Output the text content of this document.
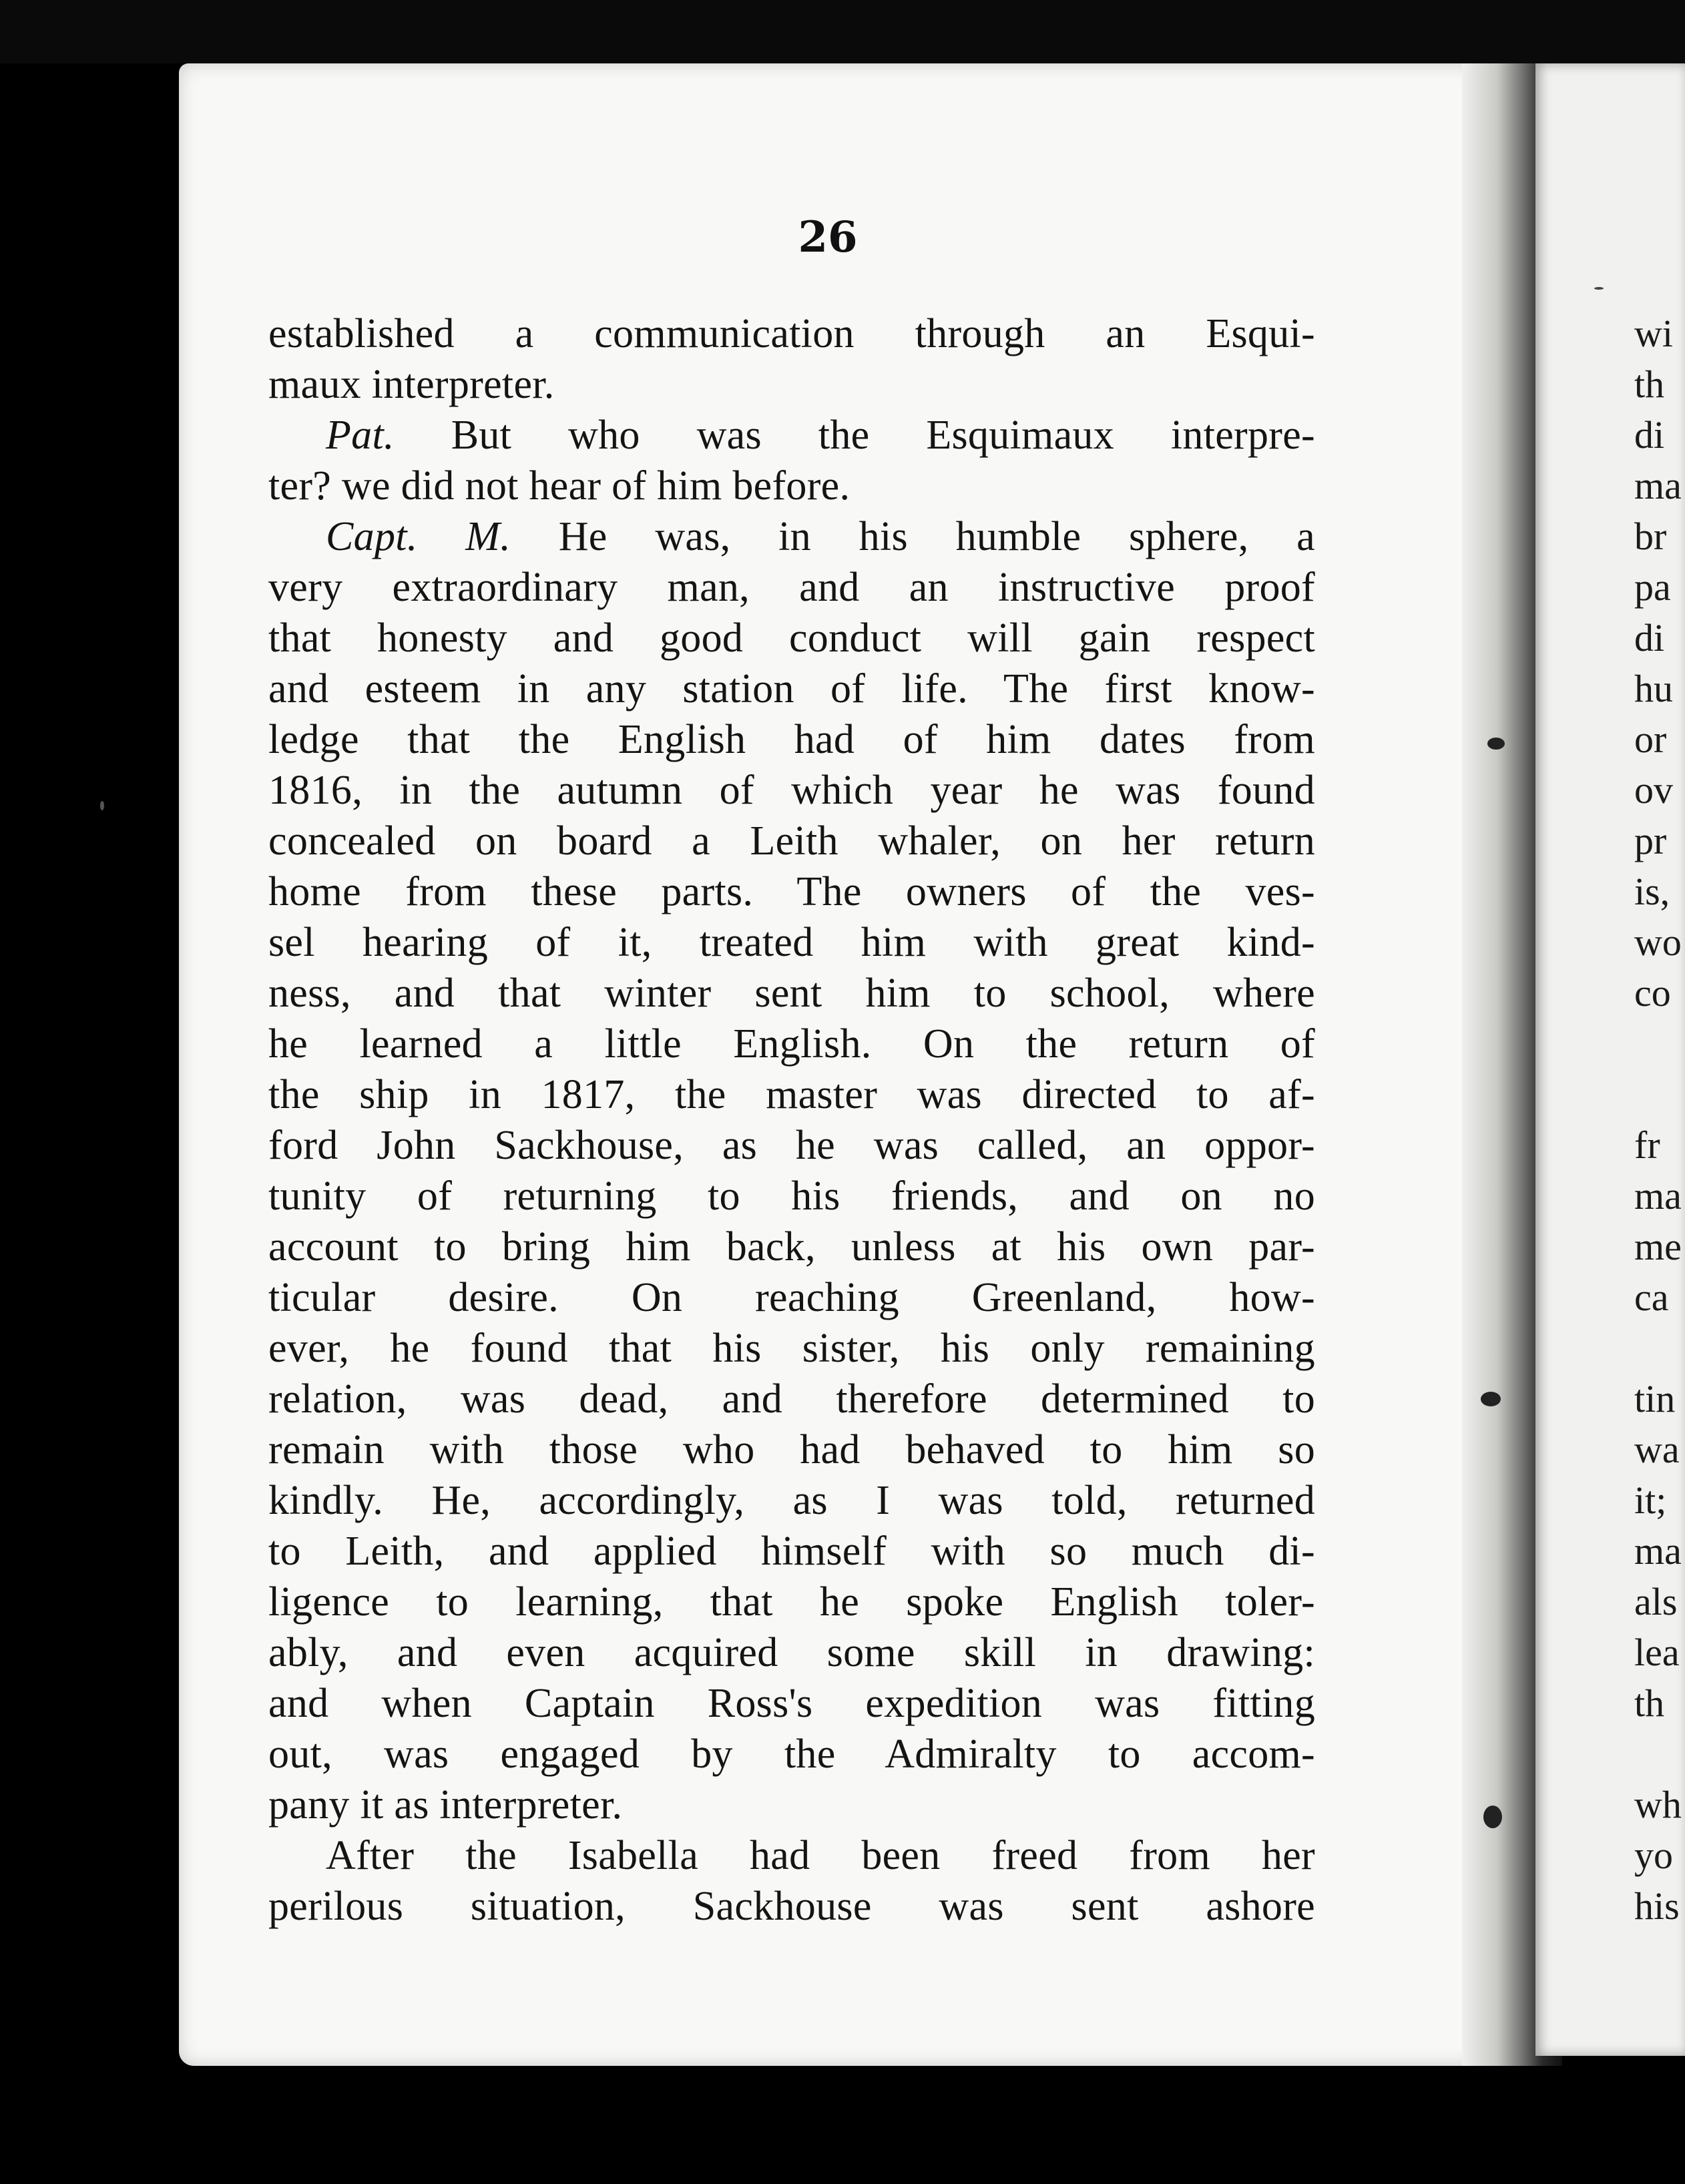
26
established a communication through an Esqui-
maux interpreter.
Pat. But who was the Esquimaux interpre-
ter? we did not hear of him before.
Capt. M. He was, in his humble sphere, a
very extraordinary man, and an instructive proof
that honesty and good conduct will gain respect
and esteem in any station of life. The first know-
ledge that the English had of him dates from
1816, in the autumn of which year he was found
concealed on board a Leith whaler, on her return
home from these parts. The owners of the ves-
sel hearing of it, treated him with great kind-
ness, and that winter sent him to school, where
he learned a little English. On the return of
the ship in 1817, the master was directed to af-
ford John Sackhouse, as he was called, an oppor-
tunity of returning to his friends, and on no
account to bring him back, unless at his own par-
ticular desire. On reaching Greenland, how-
ever, he found that his sister, his only remaining
relation, was dead, and therefore determined to
remain with those who had behaved to him so
kindly. He, accordingly, as I was told, returned
to Leith, and applied himself with so much di-
ligence to learning, that he spoke English toler-
ably, and even acquired some skill in drawing:
and when Captain Ross's expedition was fitting
out, was engaged by the Admiralty to accom-
pany it as interpreter.
After the Isabella had been freed from her
perilous situation, Sackhouse was sent ashore
wi
th
di
ma
br
pa
di
hu
or
ov
pr
is,
wo
co
fr
ma
me
ca
tin
wa
it;
ma
als
lea
th
wh
yo
his
